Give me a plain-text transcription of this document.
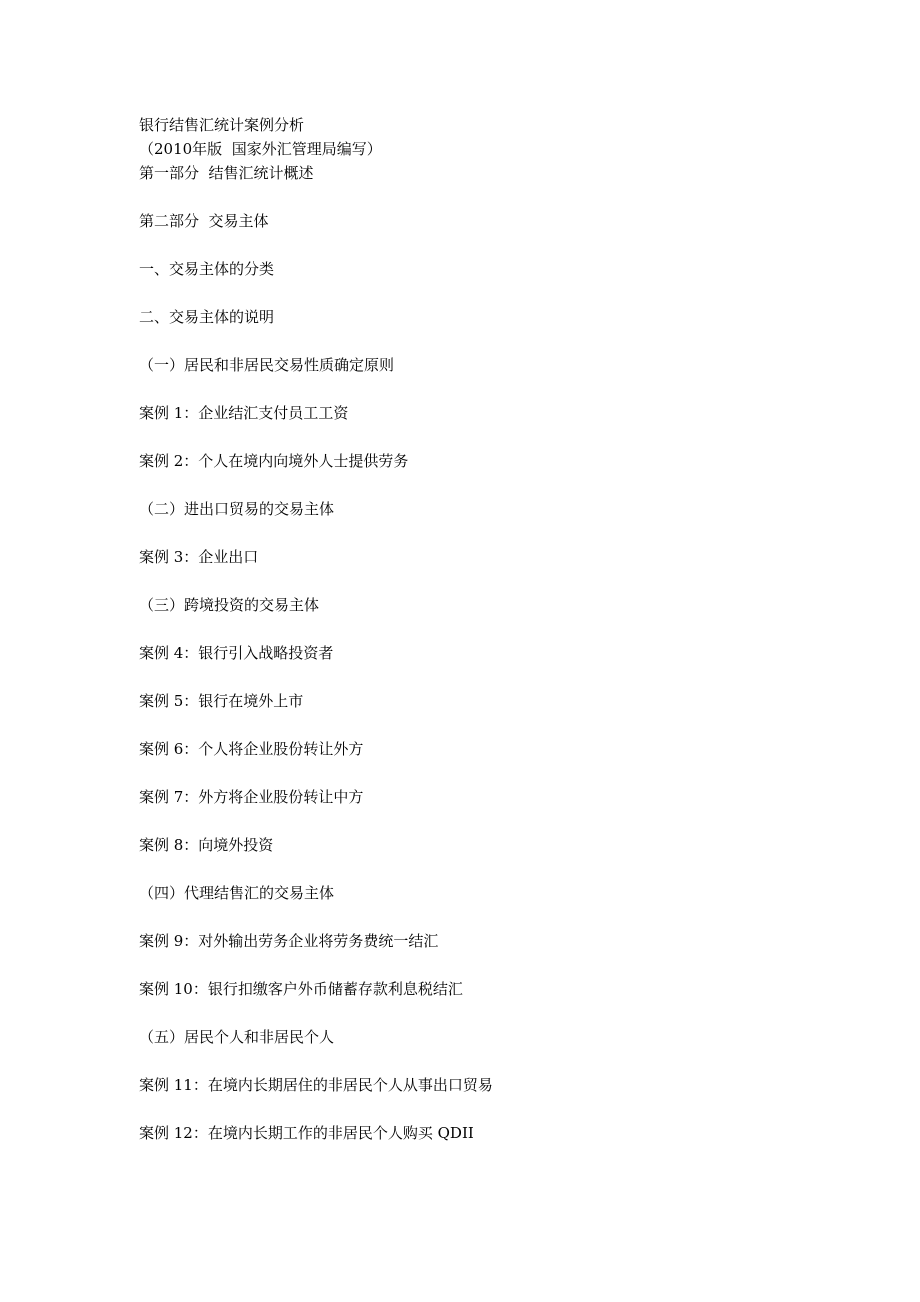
银行结售汇统计案例分析

（2010年版  国家外汇管理局编写）

第一部分  结售汇统计概述

第二部分  交易主体

一、交易主体的分类

二、交易主体的说明

（一）居民和非居民交易性质确定原则

案例 1：企业结汇支付员工工资

案例 2：个人在境内向境外人士提供劳务

（二）进出口贸易的交易主体

案例 3：企业出口

（三）跨境投资的交易主体

案例 4：银行引入战略投资者

案例 5：银行在境外上市

案例 6：个人将企业股份转让外方

案例 7：外方将企业股份转让中方

案例 8：向境外投资

（四）代理结售汇的交易主体

案例 9：对外输出劳务企业将劳务费统一结汇

案例 10：银行扣缴客户外币储蓄存款利息税结汇

（五）居民个人和非居民个人

案例 11：在境内长期居住的非居民个人从事出口贸易

案例 12：在境内长期工作的非居民个人购买 QDII
